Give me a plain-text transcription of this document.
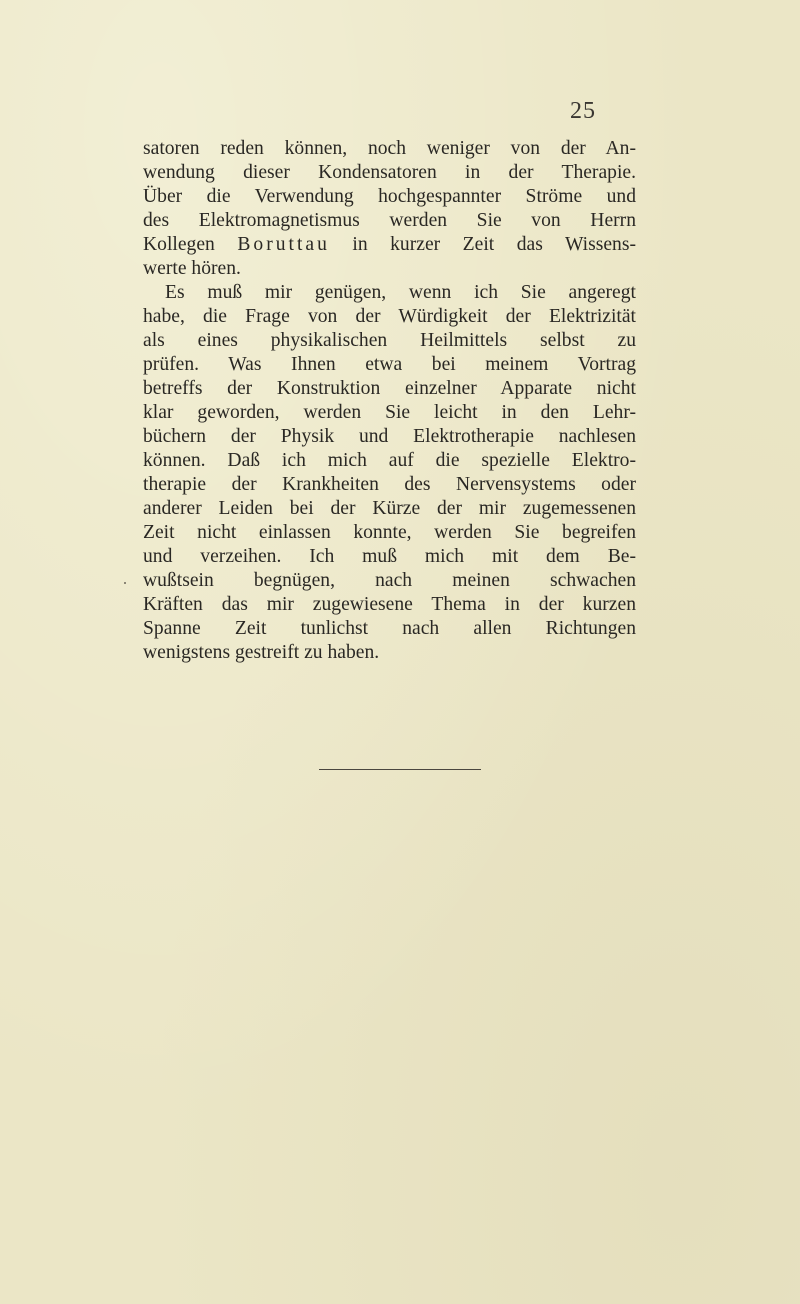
25
satoren reden können, noch weniger von der An-
wendung dieser Kondensatoren in der Therapie.
Über die Verwendung hochgespannter Ströme und
des Elektromagnetismus werden Sie von Herrn
Kollegen Boruttau in kurzer Zeit das Wissens-
werte hören.
Es muß mir genügen, wenn ich Sie angeregt
habe, die Frage von der Würdigkeit der Elektrizität
als eines physikalischen Heilmittels selbst zu
prüfen. Was Ihnen etwa bei meinem Vortrag
betreffs der Konstruktion einzelner Apparate nicht
klar geworden, werden Sie leicht in den Lehr-
büchern der Physik und Elektrotherapie nachlesen
können. Daß ich mich auf die spezielle Elektro-
therapie der Krankheiten des Nervensystems oder
anderer Leiden bei der Kürze der mir zugemessenen
Zeit nicht einlassen konnte, werden Sie begreifen
und verzeihen. Ich muß mich mit dem Be-
wußtsein begnügen, nach meinen schwachen
Kräften das mir zugewiesene Thema in der kurzen
Spanne Zeit tunlichst nach allen Richtungen
wenigstens gestreift zu haben.
